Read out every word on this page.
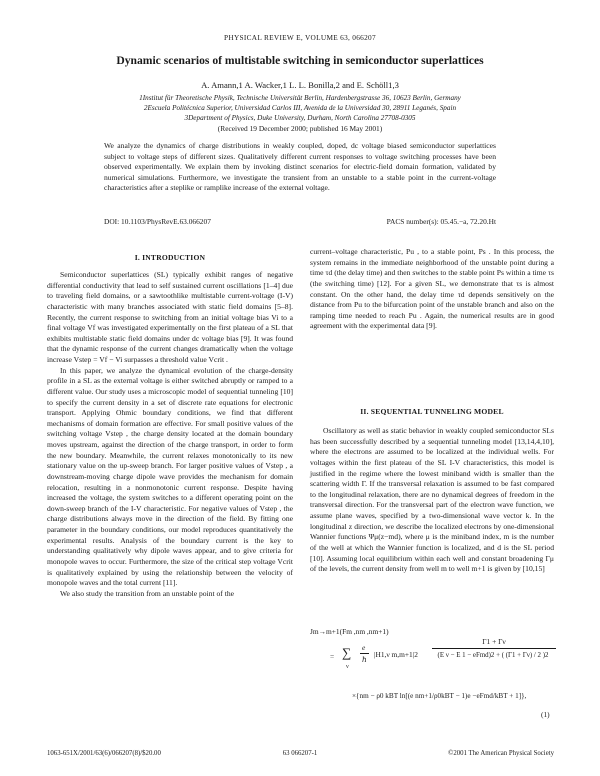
PHYSICAL REVIEW E, VOLUME 63, 066207
Dynamic scenarios of multistable switching in semiconductor superlattices
A. Amann,1 A. Wacker,1 L. L. Bonilla,2 and E. Schöll1,3
1Institut für Theoretische Physik, Technische Universität Berlin, Hardenbergstrasse 36, 10623 Berlin, Germany
2Escuela Politécnica Superior, Universidad Carlos III, Avenida de la Universidad 30, 28911 Leganés, Spain
3Department of Physics, Duke University, Durham, North Carolina 27708-0305
(Received 19 December 2000; published 16 May 2001)
We analyze the dynamics of charge distributions in weakly coupled, doped, dc voltage biased semiconductor superlattices subject to voltage steps of different sizes. Qualitatively different current responses to voltage switching processes have been observed experimentally. We explain them by invoking distinct scenarios for electric-field domain formation, validated by numerical simulations. Furthermore, we investigate the transient from an unstable to a stable point in the current-voltage characteristics after a steplike or ramplike increase of the external voltage.
DOI: 10.1103/PhysRevE.63.066207	PACS number(s): 05.45.−a, 72.20.Ht
I. INTRODUCTION

Semiconductor superlattices (SL) typically exhibit ranges of negative differential conductivity that lead to self sustained current oscillations [1–4] due to traveling field domains, or a sawtoothlike multistable current-voltage (I-V) characteristic with many branches associated with static field domains [5–8]. Recently, the current response to switching from an initial voltage bias Vi to a final voltage Vf was investigated experimentally on the first plateau of a SL that exhibits multistable static field domains under dc voltage bias [9]. It was found that the dynamic response of the current changes dramatically when the voltage increase Vstep = Vf − Vi surpasses a threshold value Vcrit .

In this paper, we analyze the dynamical evolution of the charge-density profile in a SL as the external voltage is either switched abruptly or ramped to a different value. Our study uses a microscopic model of sequential tunneling [10] to specify the current density in a set of discrete rate equations for electronic transport. Applying Ohmic boundary conditions, we find that different mechanisms of domain formation are effective. For small positive values of the switching voltage Vstep , the charge density located at the domain boundary moves upstream, against the direction of the charge transport, in order to form the new boundary. Meanwhile, the current relaxes monotonically to its new stationary value on the up-sweep branch. For larger positive values of Vstep , a downstream-moving charge dipole wave provides the mechanism for domain relocation, resulting in a nonmonotonic current response. Despite having increased the voltage, the system switches to a different operating point on the down-sweep branch of the I-V characteristic. For negative values of Vstep , the charge distributions always move in the direction of the field. By fitting one parameter in the boundary conditions, our model reproduces quantitatively the experimental results. Analysis of the boundary current is the key to understanding qualitatively why dipole waves appear, and to give criteria for monopole waves to occur. Furthermore, the size of the critical step voltage Vcrit is qualitatively explained by using the relationship between the velocity of monopole waves and the total current [11].

We also study the transition from an unstable point of the

current–voltage characteristic, Pu , to a stable point, Ps . In this process, the system remains in the immediate neighborhood of the unstable point during a time τd (the delay time) and then switches to the stable point Ps within a time τs (the switching time) [12]. For a given SL, we demonstrate that τs is almost constant. On the other hand, the delay time τd depends sensitively on the distance from Pu to the bifurcation point of the unstable branch and also on the ramping time needed to reach Pu . Again, the numerical results are in good agreement with the experimental data [9].

II. SEQUENTIAL TUNNELING MODEL

Oscillatory as well as static behavior in weakly coupled semiconductor SLs has been successfully described by a sequential tunneling model [13,14,4,10], where the electrons are assumed to be localized at the individual wells. For voltages within the first plateau of the SL I-V characteristics, this model is justified in the regime where the lowest miniband width is smaller than the scattering width Γ. If the transversal relaxation is assumed to be fast compared to the longitudinal relaxation, there are no dynamical degrees of freedom in the transversal direction. For the transversal part of the electron wave function, we assume plane waves, specified by a two-dimensional wave vector k. In the longitudinal z direction, we describe the localized electrons by one-dimensional Wannier functions Ψμ(z−md), where μ is the miniband index, m is the number of the well at which the Wannier function is localized, and d is the SL period [10]. Assuming local equilibrium within each well and constant broadening Γμ of the levels, the current density from well m to well m+1 is given by [10,15]

Jm→m+1(Fm ,nm ,nm+1)
= ∑
ν
e
ℏ
|H1,ν m,m+1|2
Γ1 + Γν
(E ν − E 1 − eFmd)2 + ( (Γ1 + Γν) / 2 )2
×{nm − ρ0 kBT ln[(e nm+1/ρ0kBT − 1)e −eFmd/kBT + 1]},
(1)
1063-651X/2001/63(6)/066207(8)/$20.00	63 066207-1	©2001 The American Physical Society
